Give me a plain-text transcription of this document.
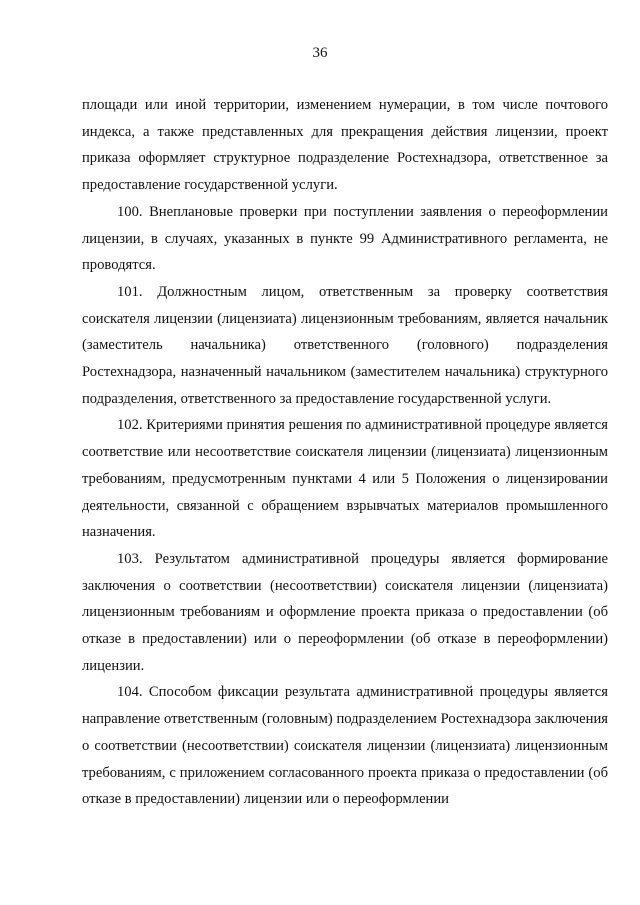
36

площади или иной территории, изменением нумерации, в том числе почтового индекса, а также представленных для прекращения действия лицензии, проект приказа оформляет структурное подразделение Ростехнадзора, ответственное за предоставление государственной услуги.

100. Внеплановые проверки при поступлении заявления о переоформлении лицензии, в случаях, указанных в пункте 99 Административного регламента, не проводятся.

101. Должностным лицом, ответственным за проверку соответствия соискателя лицензии (лицензиата) лицензионным требованиям, является начальник (заместитель начальника) ответственного (головного) подразделения Ростехнадзора, назначенный начальником (заместителем начальника) структурного подразделения, ответственного за предоставление государственной услуги.

102. Критериями принятия решения по административной процедуре является соответствие или несоответствие соискателя лицензии (лицензиата) лицензионным требованиям, предусмотренным пунктами 4 или 5 Положения о лицензировании деятельности, связанной с обращением взрывчатых материалов промышленного назначения.

103. Результатом административной процедуры является формирование заключения о соответствии (несоответствии) соискателя лицензии (лицензиата) лицензионным требованиям и оформление проекта приказа о предоставлении (об отказе в предоставлении) или о переоформлении (об отказе в переоформлении) лицензии.

104. Способом фиксации результата административной процедуры является направление ответственным (головным) подразделением Ростехнадзора заключения о соответствии (несоответствии) соискателя лицензии (лицензиата) лицензионным требованиям, с приложением согласованного проекта приказа о предоставлении (об отказе в предоставлении) лицензии или о переоформлении
